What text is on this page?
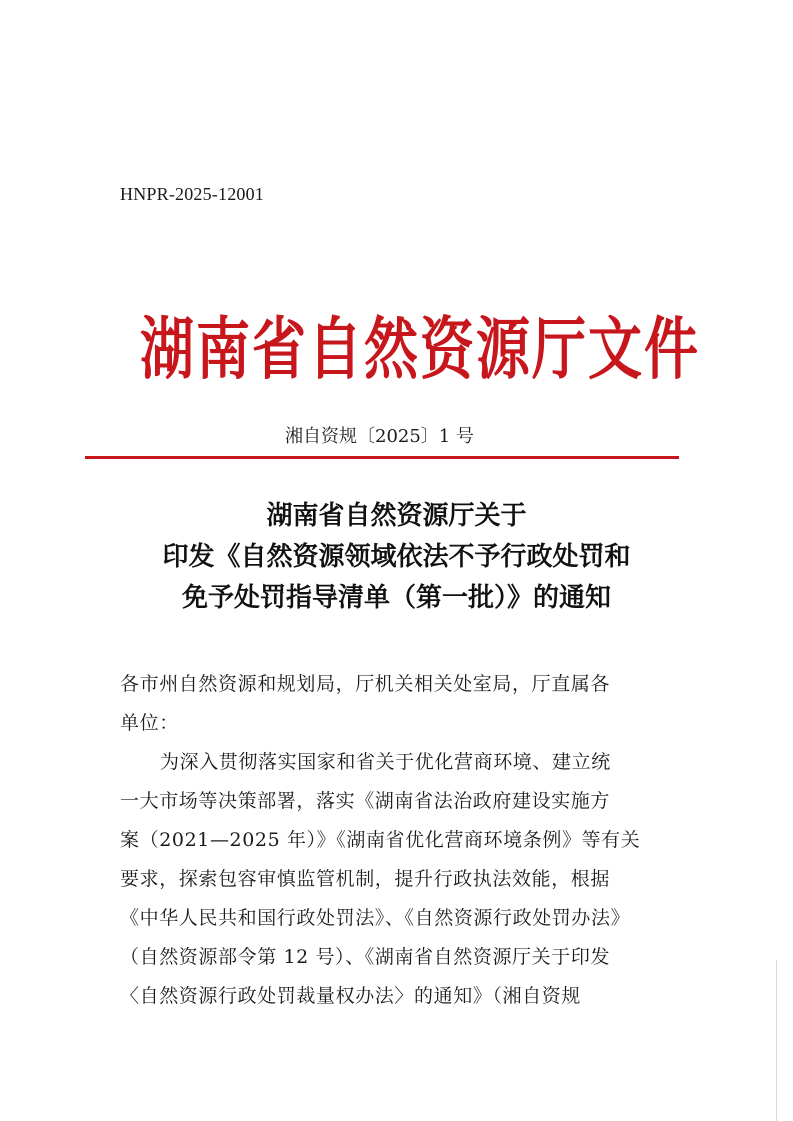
HNPR-2025-12001
湖南省自然资源厅文件
湘自资规〔2025〕1 号
湖南省自然资源厅关于
印发《自然资源领域依法不予行政处罚和
免予处罚指导清单（第一批）》的通知
各市州自然资源和规划局，厅机关相关处室局，厅直属各
单位：
为深入贯彻落实国家和省关于优化营商环境、建立统
一大市场等决策部署，落实《湖南省法治政府建设实施方
案（2021—2025 年）》《湖南省优化营商环境条例》等有关
要求，探索包容审慎监管机制，提升行政执法效能，根据
《中华人民共和国行政处罚法》、《自然资源行政处罚办法》
（自然资源部令第 12 号）、《湖南省自然资源厅关于印发
〈自然资源行政处罚裁量权办法〉的通知》（湘自资规
